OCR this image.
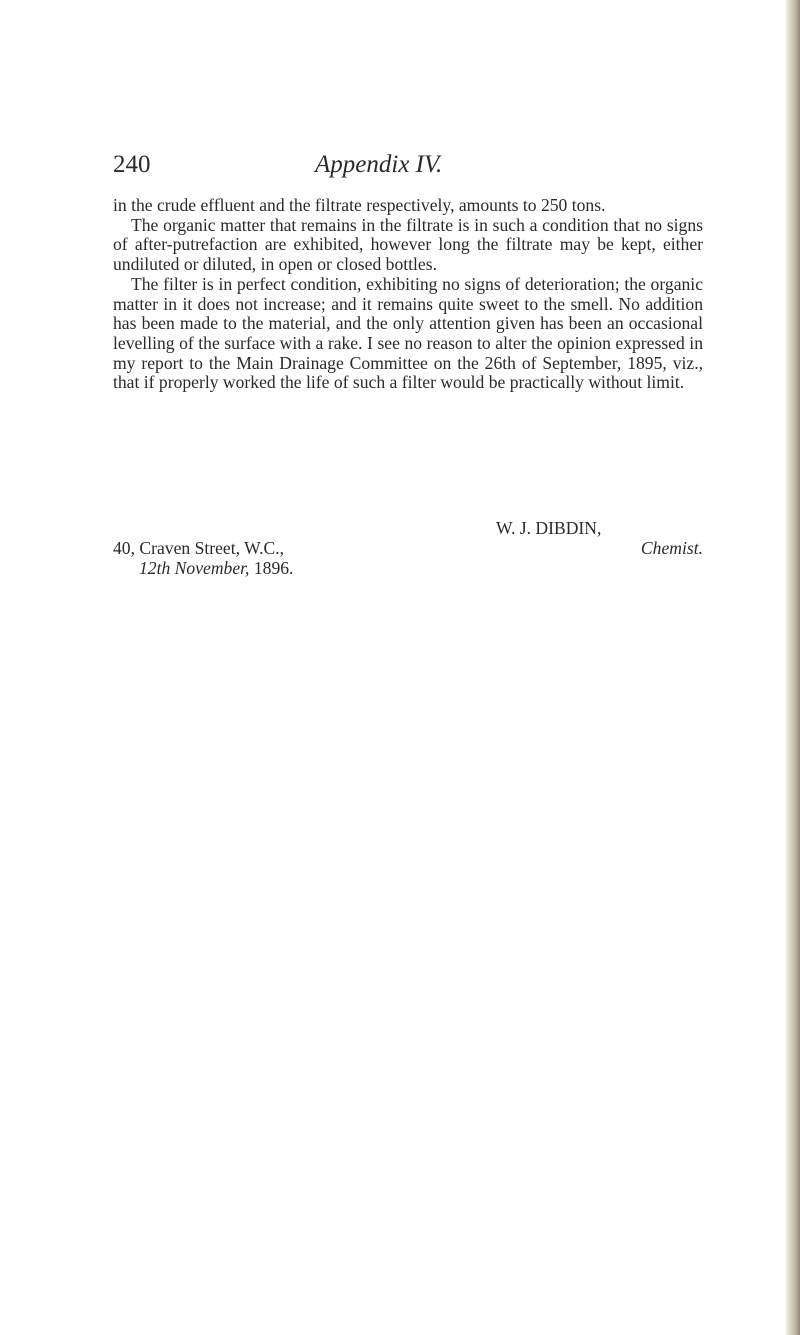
240	Appendix IV.

in the crude effluent and the filtrate respectively, amounts to 250 tons.

The organic matter that remains in the filtrate is in such a condition that no signs of after-putrefaction are exhibited, however long the filtrate may be kept, either undiluted or diluted, in open or closed bottles.

The filter is in perfect condition, exhibiting no signs of deterioration; the organic matter in it does not increase; and it remains quite sweet to the smell. No addition has been made to the material, and the only attention given has been an occasional levelling of the surface with a rake. I see no reason to alter the opinion expressed in my report to the Main Drainage Committee on the 26th of September, 1895, viz., that if properly worked the life of such a filter would be practically without limit.

W. J. DIBDIN,
40, Craven Street, W.C.,	Chemist.
12th November, 1896.
